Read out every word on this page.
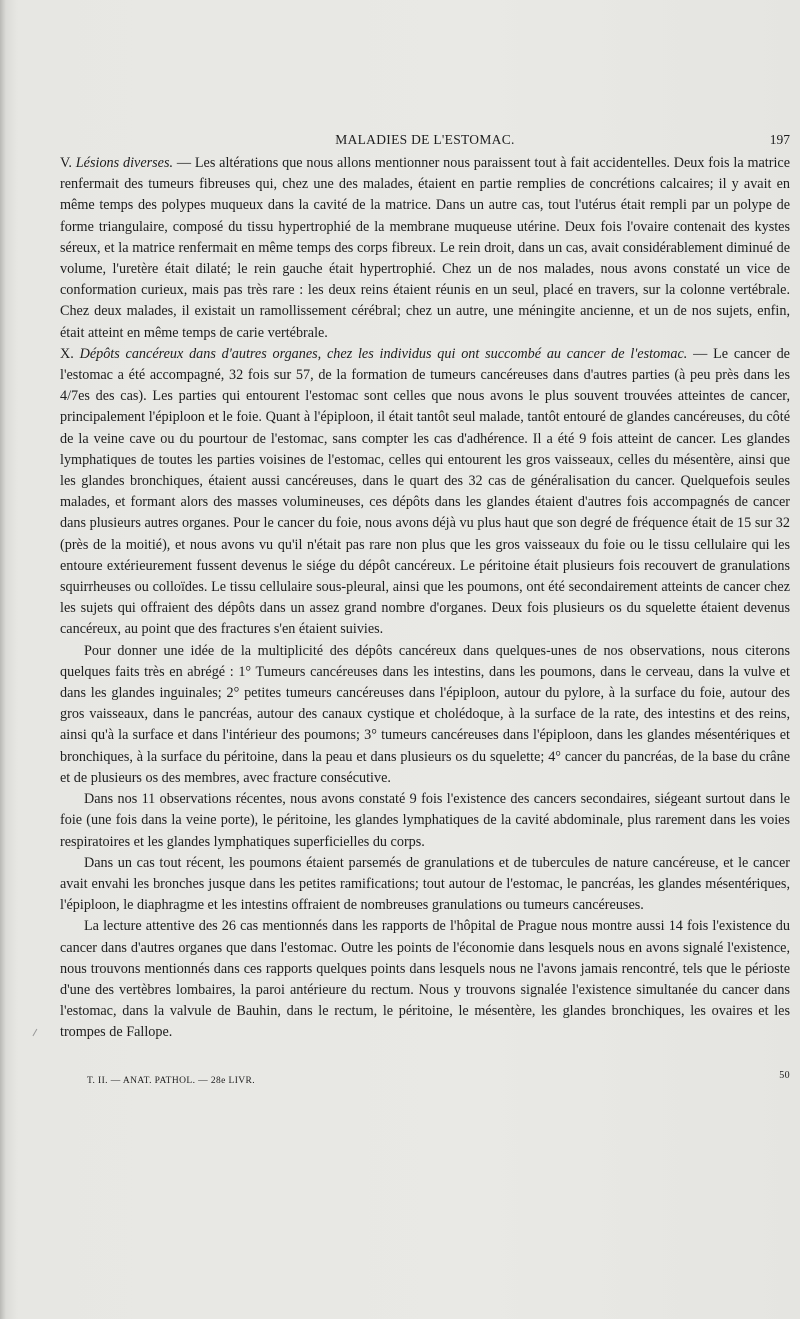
MALADIES DE L'ESTOMAC.	197

V. Lésions diverses. — Les altérations que nous allons mentionner nous paraissent tout à fait accidentelles. Deux fois la matrice renfermait des tumeurs fibreuses qui, chez une des malades, étaient en partie remplies de concrétions calcaires; il y avait en même temps des polypes muqueux dans la cavité de la matrice. Dans un autre cas, tout l'utérus était rempli par un polype de forme triangulaire, composé du tissu hypertrophié de la membrane muqueuse utérine. Deux fois l'ovaire contenait des kystes séreux, et la matrice renfermait en même temps des corps fibreux. Le rein droit, dans un cas, avait considérablement diminué de volume, l'uretère était dilaté; le rein gauche était hypertrophié. Chez un de nos malades, nous avons constaté un vice de conformation curieux, mais pas très rare : les deux reins étaient réunis en un seul, placé en travers, sur la colonne vertébrale. Chez deux malades, il existait un ramollissement cérébral; chez un autre, une méningite ancienne, et un de nos sujets, enfin, était atteint en même temps de carie vertébrale.

X. Dépôts cancéreux dans d'autres organes, chez les individus qui ont succombé au cancer de l'estomac. — Le cancer de l'estomac a été accompagné, 32 fois sur 57, de la formation de tumeurs cancéreuses dans d'autres parties (à peu près dans les 4/7es des cas). Les parties qui entourent l'estomac sont celles que nous avons le plus souvent trouvées atteintes de cancer, principalement l'épiploon et le foie. Quant à l'épiploon, il était tantôt seul malade, tantôt entouré de glandes cancéreuses, du côté de la veine cave ou du pourtour de l'estomac, sans compter les cas d'adhérence. Il a été 9 fois atteint de cancer. Les glandes lymphatiques de toutes les parties voisines de l'estomac, celles qui entourent les gros vaisseaux, celles du mésentère, ainsi que les glandes bronchiques, étaient aussi cancéreuses, dans le quart des 32 cas de généralisation du cancer. Quelquefois seules malades, et formant alors des masses volumineuses, ces dépôts dans les glandes étaient d'autres fois accompagnés de cancer dans plusieurs autres organes. Pour le cancer du foie, nous avons déjà vu plus haut que son degré de fréquence était de 15 sur 32 (près de la moitié), et nous avons vu qu'il n'était pas rare non plus que les gros vaisseaux du foie ou le tissu cellulaire qui les entoure extérieurement fussent devenus le siége du dépôt cancéreux. Le péritoine était plusieurs fois recouvert de granulations squirrheuses ou colloïdes. Le tissu cellulaire sous-pleural, ainsi que les poumons, ont été secondairement atteints de cancer chez les sujets qui offraient des dépôts dans un assez grand nombre d'organes. Deux fois plusieurs os du squelette étaient devenus cancéreux, au point que des fractures s'en étaient suivies.

Pour donner une idée de la multiplicité des dépôts cancéreux dans quelques-unes de nos observations, nous citerons quelques faits très en abrégé : 1° Tumeurs cancéreuses dans les intestins, dans les poumons, dans le cerveau, dans la vulve et dans les glandes inguinales; 2° petites tumeurs cancéreuses dans l'épiploon, autour du pylore, à la surface du foie, autour des gros vaisseaux, dans le pancréas, autour des canaux cystique et cholédoque, à la surface de la rate, des intestins et des reins, ainsi qu'à la surface et dans l'intérieur des poumons; 3° tumeurs cancéreuses dans l'épiploon, dans les glandes mésentériques et bronchiques, à la surface du péritoine, dans la peau et dans plusieurs os du squelette; 4° cancer du pancréas, de la base du crâne et de plusieurs os des membres, avec fracture consécutive.

Dans nos 11 observations récentes, nous avons constaté 9 fois l'existence des cancers secondaires, siégeant surtout dans le foie (une fois dans la veine porte), le péritoine, les glandes lymphatiques de la cavité abdominale, plus rarement dans les voies respiratoires et les glandes lymphatiques superficielles du corps.

Dans un cas tout récent, les poumons étaient parsemés de granulations et de tubercules de nature cancéreuse, et le cancer avait envahi les bronches jusque dans les petites ramifications; tout autour de l'estomac, le pancréas, les glandes mésentériques, l'épiploon, le diaphragme et les intestins offraient de nombreuses granulations ou tumeurs cancéreuses.

La lecture attentive des 26 cas mentionnés dans les rapports de l'hôpital de Prague nous montre aussi 14 fois l'existence du cancer dans d'autres organes que dans l'estomac. Outre les points de l'économie dans lesquels nous en avons signalé l'existence, nous trouvons mentionnés dans ces rapports quelques points dans lesquels nous ne l'avons jamais rencontré, tels que le périoste d'une des vertèbres lombaires, la paroi antérieure du rectum. Nous y trouvons signalée l'existence simultanée du cancer dans l'estomac, dans la valvule de Bauhin, dans le rectum, le péritoine, le mésentère, les glandes bronchiques, les ovaires et les trompes de Fallope.

T. II. — ANAT. PATHOL. — 28e LIVR.	50
